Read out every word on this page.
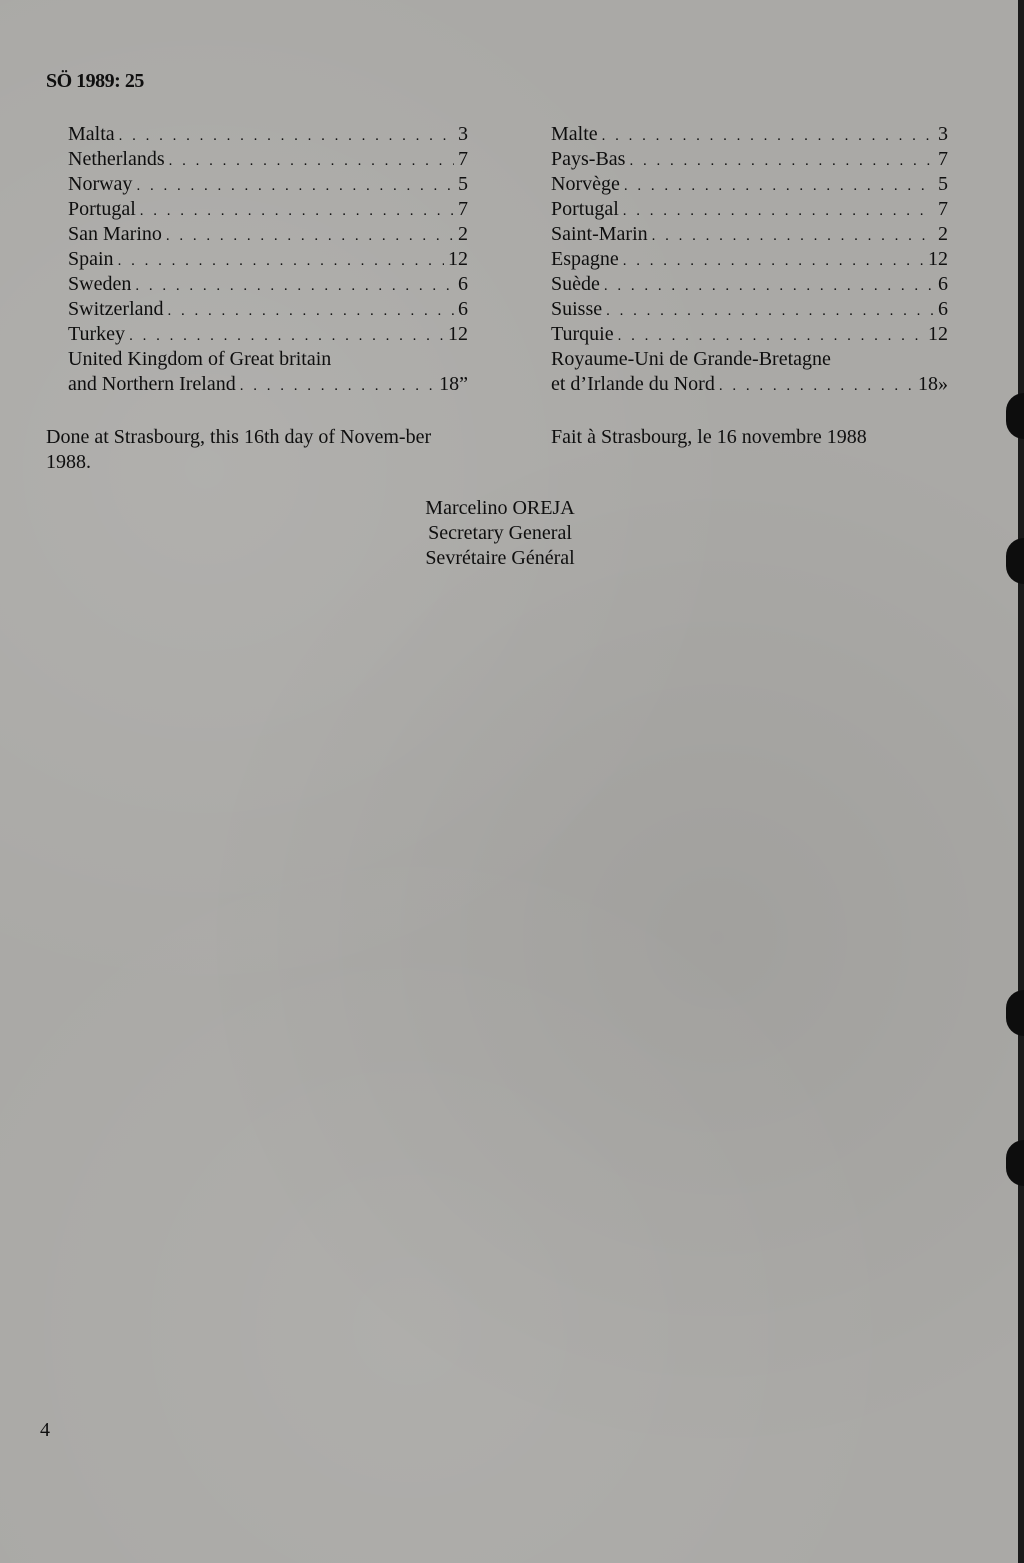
SÖ 1989: 25
Malta . . .	3
Netherlands . . .	7
Norway . . .	5
Portugal . . .	7
San Marino . . .	2
Spain . . .	12
Sweden . . .	6
Switzerland . . .	6
Turkey . . .	12
United Kingdom of Great britain
and Northern Ireland . . .	18”
Malte . . .	3
Pays-Bas . . .	7
Norvège . . .	5
Portugal . . .	7
Saint-Marin . . .	2
Espagne . . .	12
Suède . . .	6
Suisse . . .	6
Turquie . . .	12
Royaume-Uni de Grande-Bretagne
et d’Irlande du Nord . . .	18»
Done at Strasbourg, this 16th day of Novem-ber 1988.
Fait à Strasbourg, le 16 novembre 1988
Marcelino OREJA
Secretary General
Sevrétaire Général
4
